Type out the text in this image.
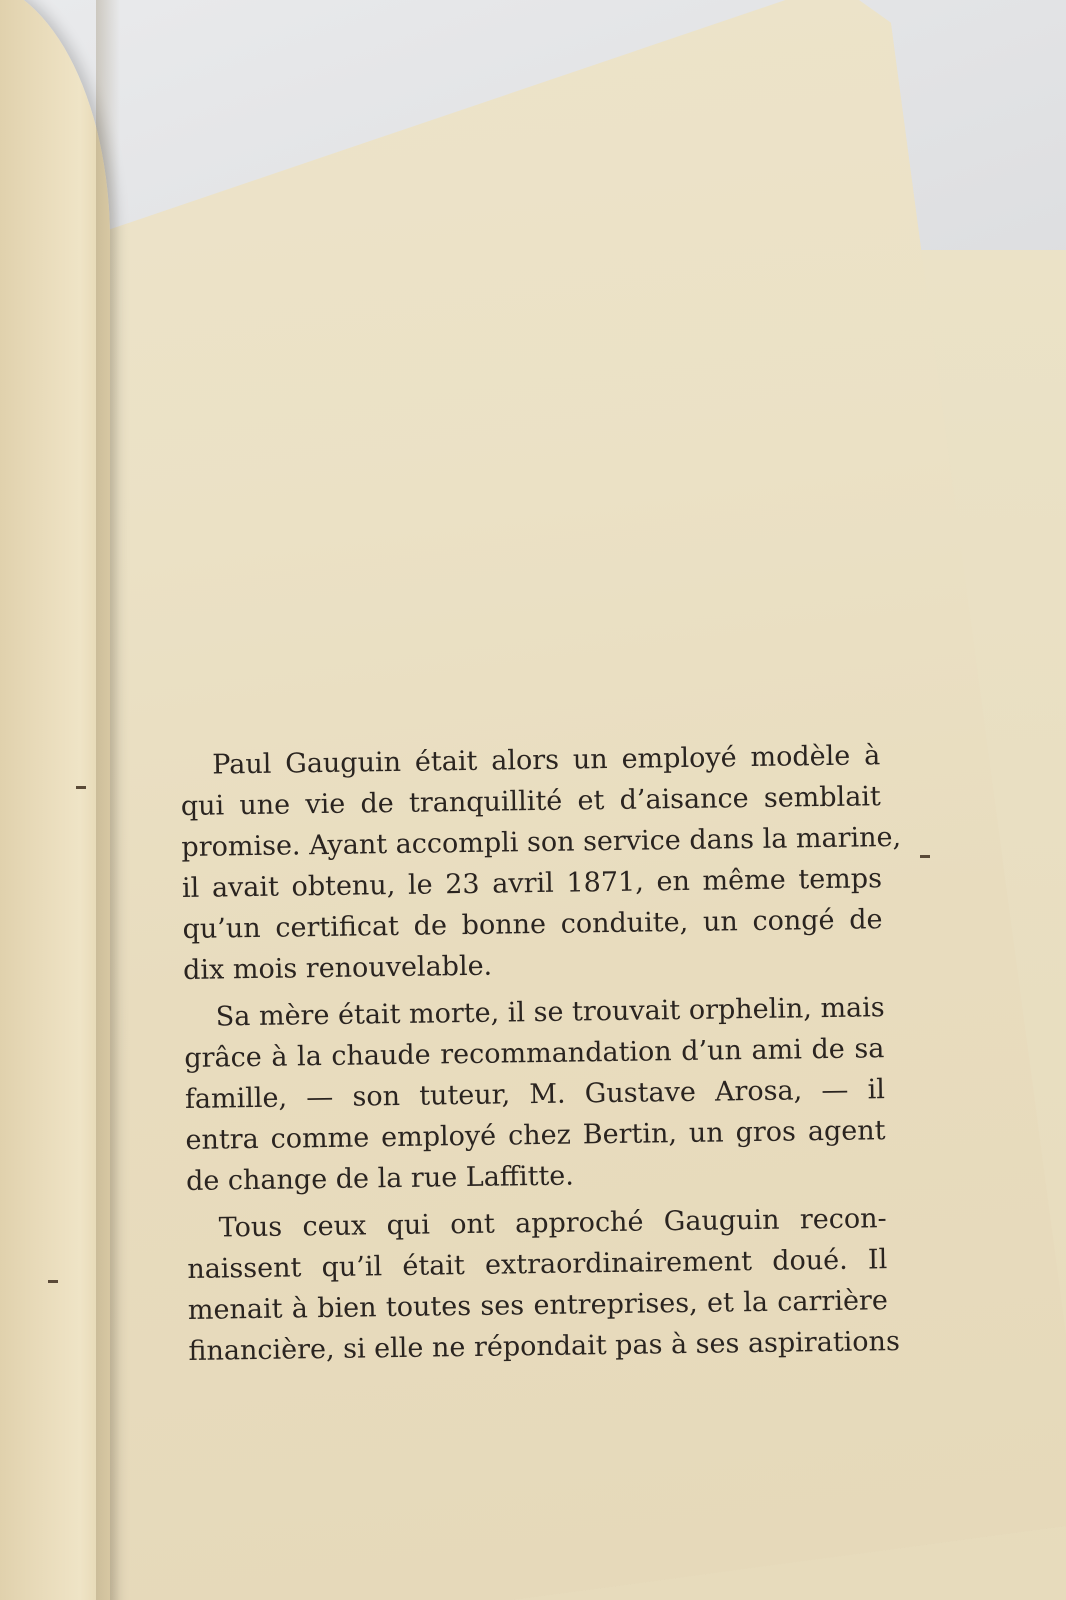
Paul Gauguin était alors un employé modèle à
qui une vie de tranquillité et d’aisance semblait
promise. Ayant accompli son service dans la marine,
il avait obtenu, le 23 avril 1871, en même temps
qu’un certificat de bonne conduite, un congé de
dix mois renouvelable.
Sa mère était morte, il se trouvait orphelin, mais
grâce à la chaude recommandation d’un ami de sa
famille, — son tuteur, M. Gustave Arosa, — il
entra comme employé chez Bertin, un gros agent
de change de la rue Laffitte.
Tous ceux qui ont approché Gauguin recon-
naissent qu’il était extraordinairement doué. Il
menait à bien toutes ses entreprises, et la carrière
financière, si elle ne répondait pas à ses aspirations
